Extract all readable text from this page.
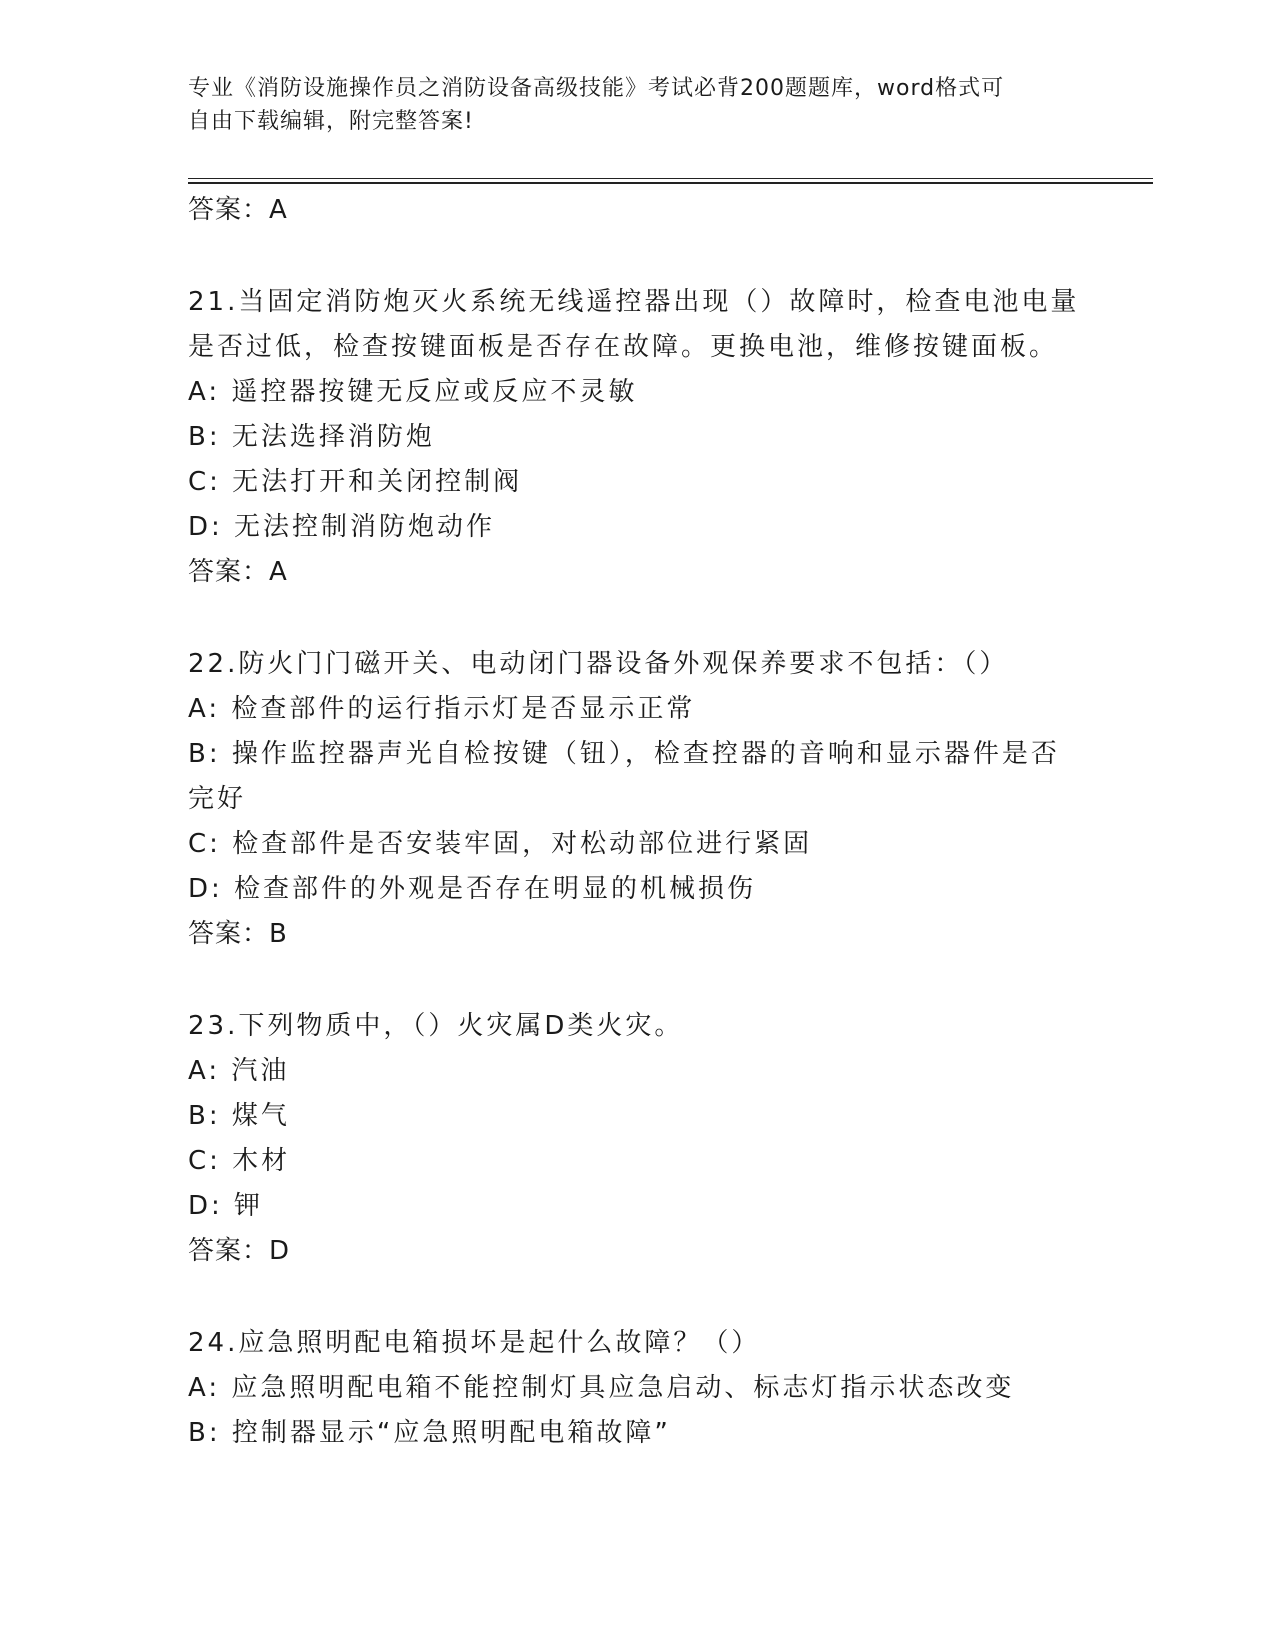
专业《消防设施操作员之消防设备高级技能》考试必背200题题库，word格式可
自由下载编辑，附完整答案!
答案：A
21.当固定消防炮灭火系统无线遥控器出现（）故障时，检查电池电量
是否过低，检查按键面板是否存在故障。更换电池，维修按键面板。
A: 遥控器按键无反应或反应不灵敏
B: 无法选择消防炮
C: 无法打开和关闭控制阀
D: 无法控制消防炮动作
答案：A
22.防火门门磁开关、电动闭门器设备外观保养要求不包括：（）
A: 检查部件的运行指示灯是否显示正常
B: 操作监控器声光自检按键（钮），检查控器的音响和显示器件是否
完好
C: 检查部件是否安装牢固，对松动部位进行紧固
D: 检查部件的外观是否存在明显的机械损伤
答案：B
23.下列物质中，（）火灾属D类火灾。
A: 汽油
B: 煤气
C: 木材
D: 钾
答案：D
24.应急照明配电箱损坏是起什么故障？（）
A: 应急照明配电箱不能控制灯具应急启动、标志灯指示状态改变
B: 控制器显示“应急照明配电箱故障”
